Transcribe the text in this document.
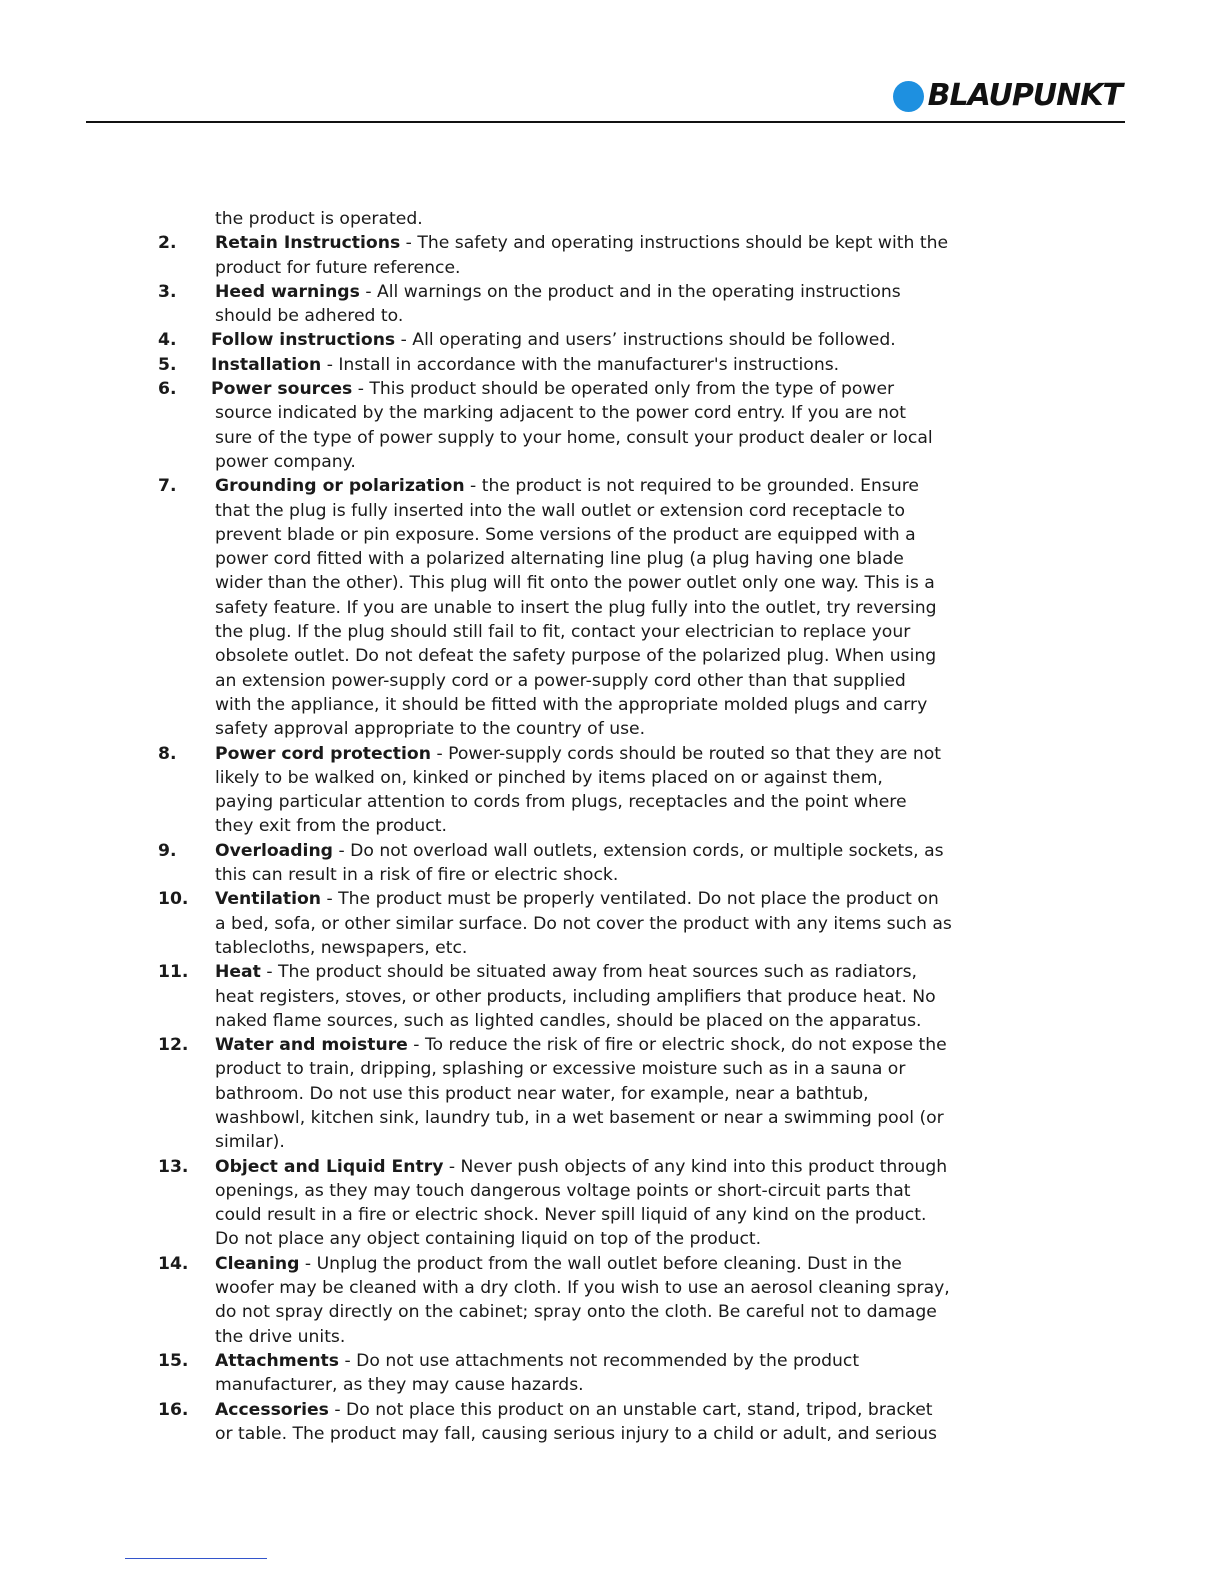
BLAUPUNKT
the product is operated.
2. Retain Instructions - The safety and operating instructions should be kept with the
product for future reference.
3. Heed warnings - All warnings on the product and in the operating instructions
should be adhered to.
4. Follow instructions - All operating and users’ instructions should be followed.
5. Installation - Install in accordance with the manufacturer's instructions.
6. Power sources - This product should be operated only from the type of power
source indicated by the marking adjacent to the power cord entry. If you are not
sure of the type of power supply to your home, consult your product dealer or local
power company.
7. Grounding or polarization - the product is not required to be grounded. Ensure
that the plug is fully inserted into the wall outlet or extension cord receptacle to
prevent blade or pin exposure. Some versions of the product are equipped with a
power cord fitted with a polarized alternating line plug (a plug having one blade
wider than the other). This plug will fit onto the power outlet only one way. This is a
safety feature. If you are unable to insert the plug fully into the outlet, try reversing
the plug. If the plug should still fail to fit, contact your electrician to replace your
obsolete outlet. Do not defeat the safety purpose of the polarized plug. When using
an extension power-supply cord or a power-supply cord other than that supplied
with the appliance, it should be fitted with the appropriate molded plugs and carry
safety approval appropriate to the country of use.
8. Power cord protection - Power-supply cords should be routed so that they are not
likely to be walked on, kinked or pinched by items placed on or against them,
paying particular attention to cords from plugs, receptacles and the point where
they exit from the product.
9. Overloading - Do not overload wall outlets, extension cords, or multiple sockets, as
this can result in a risk of fire or electric shock.
10. Ventilation - The product must be properly ventilated. Do not place the product on
a bed, sofa, or other similar surface. Do not cover the product with any items such as
tablecloths, newspapers, etc.
11. Heat - The product should be situated away from heat sources such as radiators,
heat registers, stoves, or other products, including amplifiers that produce heat. No
naked flame sources, such as lighted candles, should be placed on the apparatus.
12. Water and moisture - To reduce the risk of fire or electric shock, do not expose the
product to train, dripping, splashing or excessive moisture such as in a sauna or
bathroom. Do not use this product near water, for example, near a bathtub,
washbowl, kitchen sink, laundry tub, in a wet basement or near a swimming pool (or
similar).
13. Object and Liquid Entry - Never push objects of any kind into this product through
openings, as they may touch dangerous voltage points or short-circuit parts that
could result in a fire or electric shock. Never spill liquid of any kind on the product.
Do not place any object containing liquid on top of the product.
14. Cleaning - Unplug the product from the wall outlet before cleaning. Dust in the
woofer may be cleaned with a dry cloth. If you wish to use an aerosol cleaning spray,
do not spray directly on the cabinet; spray onto the cloth. Be careful not to damage
the drive units.
15. Attachments - Do not use attachments not recommended by the product
manufacturer, as they may cause hazards.
16. Accessories - Do not place this product on an unstable cart, stand, tripod, bracket
or table. The product may fall, causing serious injury to a child or adult, and serious
